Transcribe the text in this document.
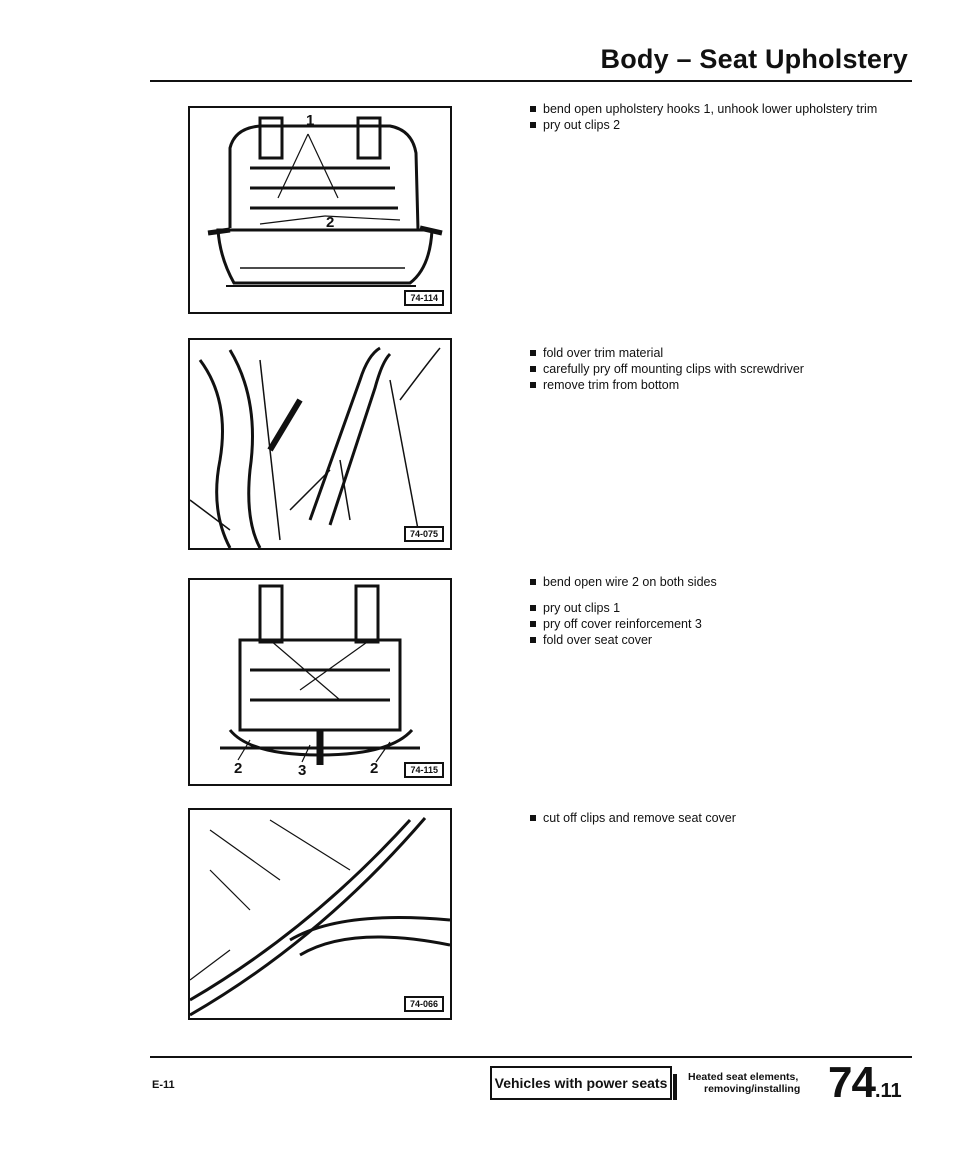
Body – Seat Upholstery
1
2
74-114
74-075
2	3	2	74-115
74-066
bend open upholstery hooks 1, unhook lower upholstery trim
pry out clips 2
fold over trim material
carefully pry off mounting clips with screwdriver
remove trim from bottom
bend open wire 2 on both sides
pry out clips 1
pry off cover reinforcement 3
fold over seat cover
cut off clips and remove seat cover
E-11	Vehicles with power seats	Heated seat elements,
removing/installing 74.11
